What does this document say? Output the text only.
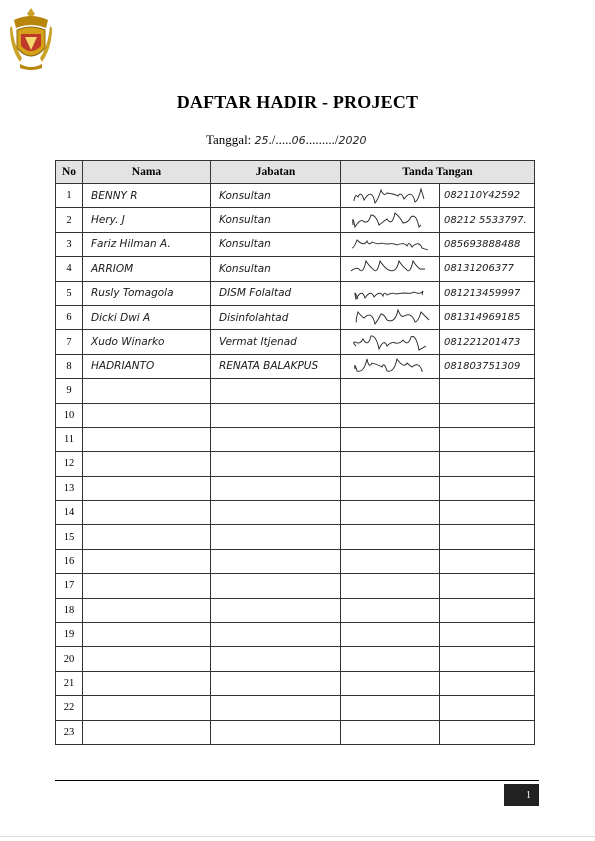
DAFTAR HADIR - PROJECT
Tanggal: 25./.....06........./2020
No	Nama	Jabatan	Tanda Tangan	
1	BENNY R	Konsultan		082110Y42592
2	Hery. J	Konsultan		08212 5533797.
3	Fariz Hilman A.	Konsultan		085693888488
4	ARRIOM	Konsultan		08131206377
5	Rusly Tomagola	DISM Folaltad		081213459997
6	Dicki Dwi A	Disinfolahtad		081314969185
7	Xudo Winarko	Vermat Itjenad		081221201473
8	HADRIANTO	RENATA BALAKPUS		081803751309
9				
10				
11				
12				
13				
14				
15				
16				
17				
18				
19				
20				
21				
22				
23				
1
